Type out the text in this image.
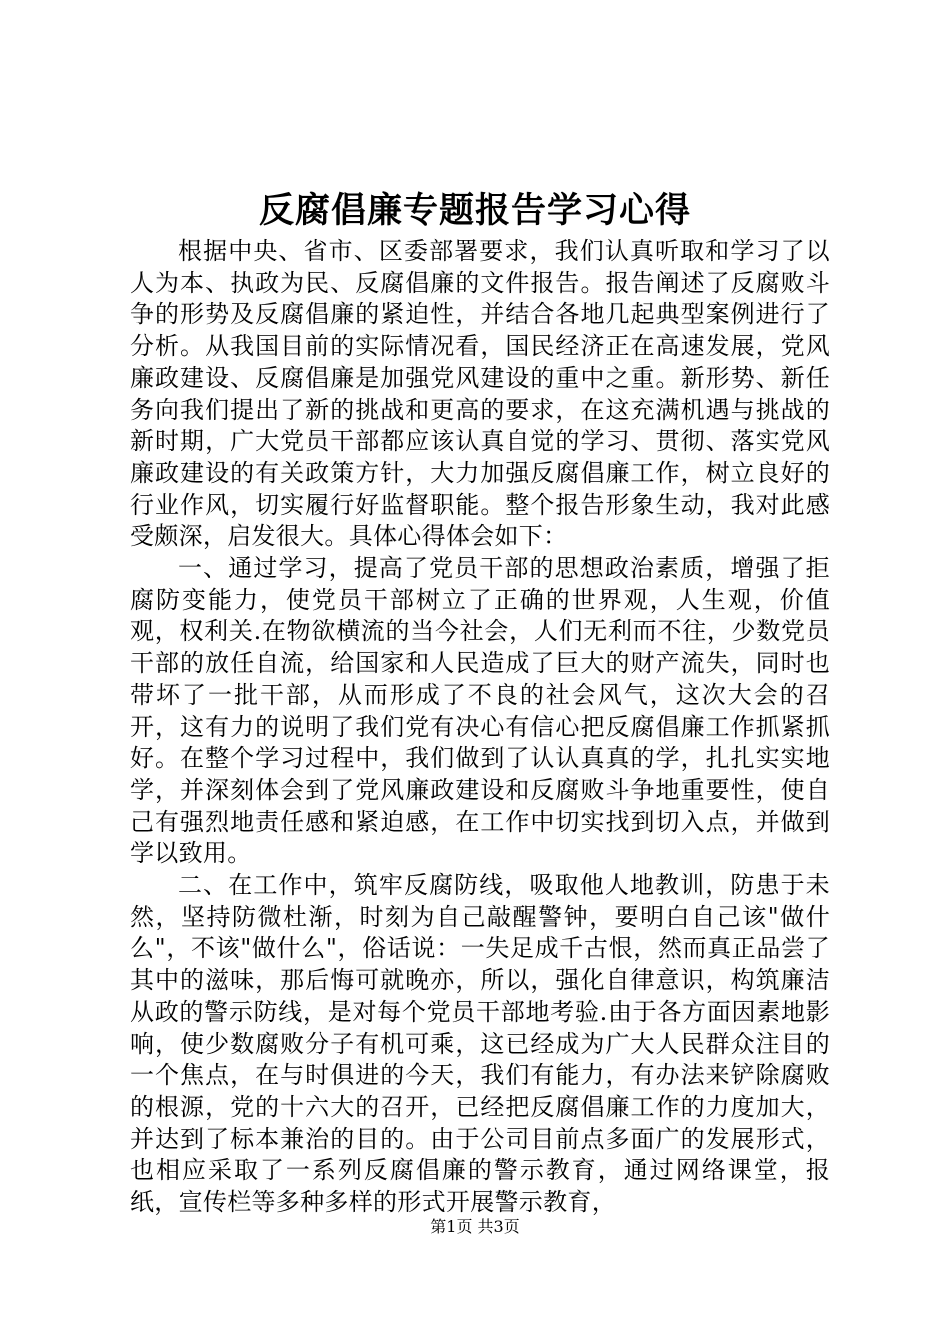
反腐倡廉专题报告学习心得

根据中央、省市、区委部署要求，我们认真听取和学习了以人为本、执政为民、反腐倡廉的文件报告。报告阐述了反腐败斗争的形势及反腐倡廉的紧迫性，并结合各地几起典型案例进行了分析。从我国目前的实际情况看，国民经济正在高速发展，党风廉政建设、反腐倡廉是加强党风建设的重中之重。新形势、新任务向我们提出了新的挑战和更高的要求，在这充满机遇与挑战的新时期，广大党员干部都应该认真自觉的学习、贯彻、落实党风廉政建设的有关政策方针，大力加强反腐倡廉工作，树立良好的行业作风，切实履行好监督职能。整个报告形象生动，我对此感受颇深，启发很大。具体心得体会如下：

一、通过学习，提高了党员干部的思想政治素质，增强了拒腐防变能力，使党员干部树立了正确的世界观，人生观，价值观，权利关.在物欲横流的当今社会，人们无利而不往，少数党员干部的放任自流，给国家和人民造成了巨大的财产流失，同时也带坏了一批干部，从而形成了不良的社会风气，这次大会的召开，这有力的说明了我们党有决心有信心把反腐倡廉工作抓紧抓好。在整个学习过程中，我们做到了认认真真的学，扎扎实实地学，并深刻体会到了党风廉政建设和反腐败斗争地重要性，使自己有强烈地责任感和紧迫感，在工作中切实找到切入点，并做到学以致用。

二、在工作中，筑牢反腐防线，吸取他人地教训，防患于未然，坚持防微杜渐，时刻为自己敲醒警钟，要明白自己该"做什么"，不该"做什么"，俗话说：一失足成千古恨，然而真正品尝了其中的滋味，那后悔可就晚亦，所以，强化自律意识，构筑廉洁从政的警示防线，是对每个党员干部地考验.由于各方面因素地影响，使少数腐败分子有机可乘，这已经成为广大人民群众注目的一个焦点，在与时俱进的今天，我们有能力，有办法来铲除腐败的根源，党的十六大的召开，已经把反腐倡廉工作的力度加大，并达到了标本兼治的目的。由于公司目前点多面广的发展形式，也相应采取了一系列反腐倡廉的警示教育，通过网络课堂，报纸，宣传栏等多种多样的形式开展警示教育，

第1页 共3页
